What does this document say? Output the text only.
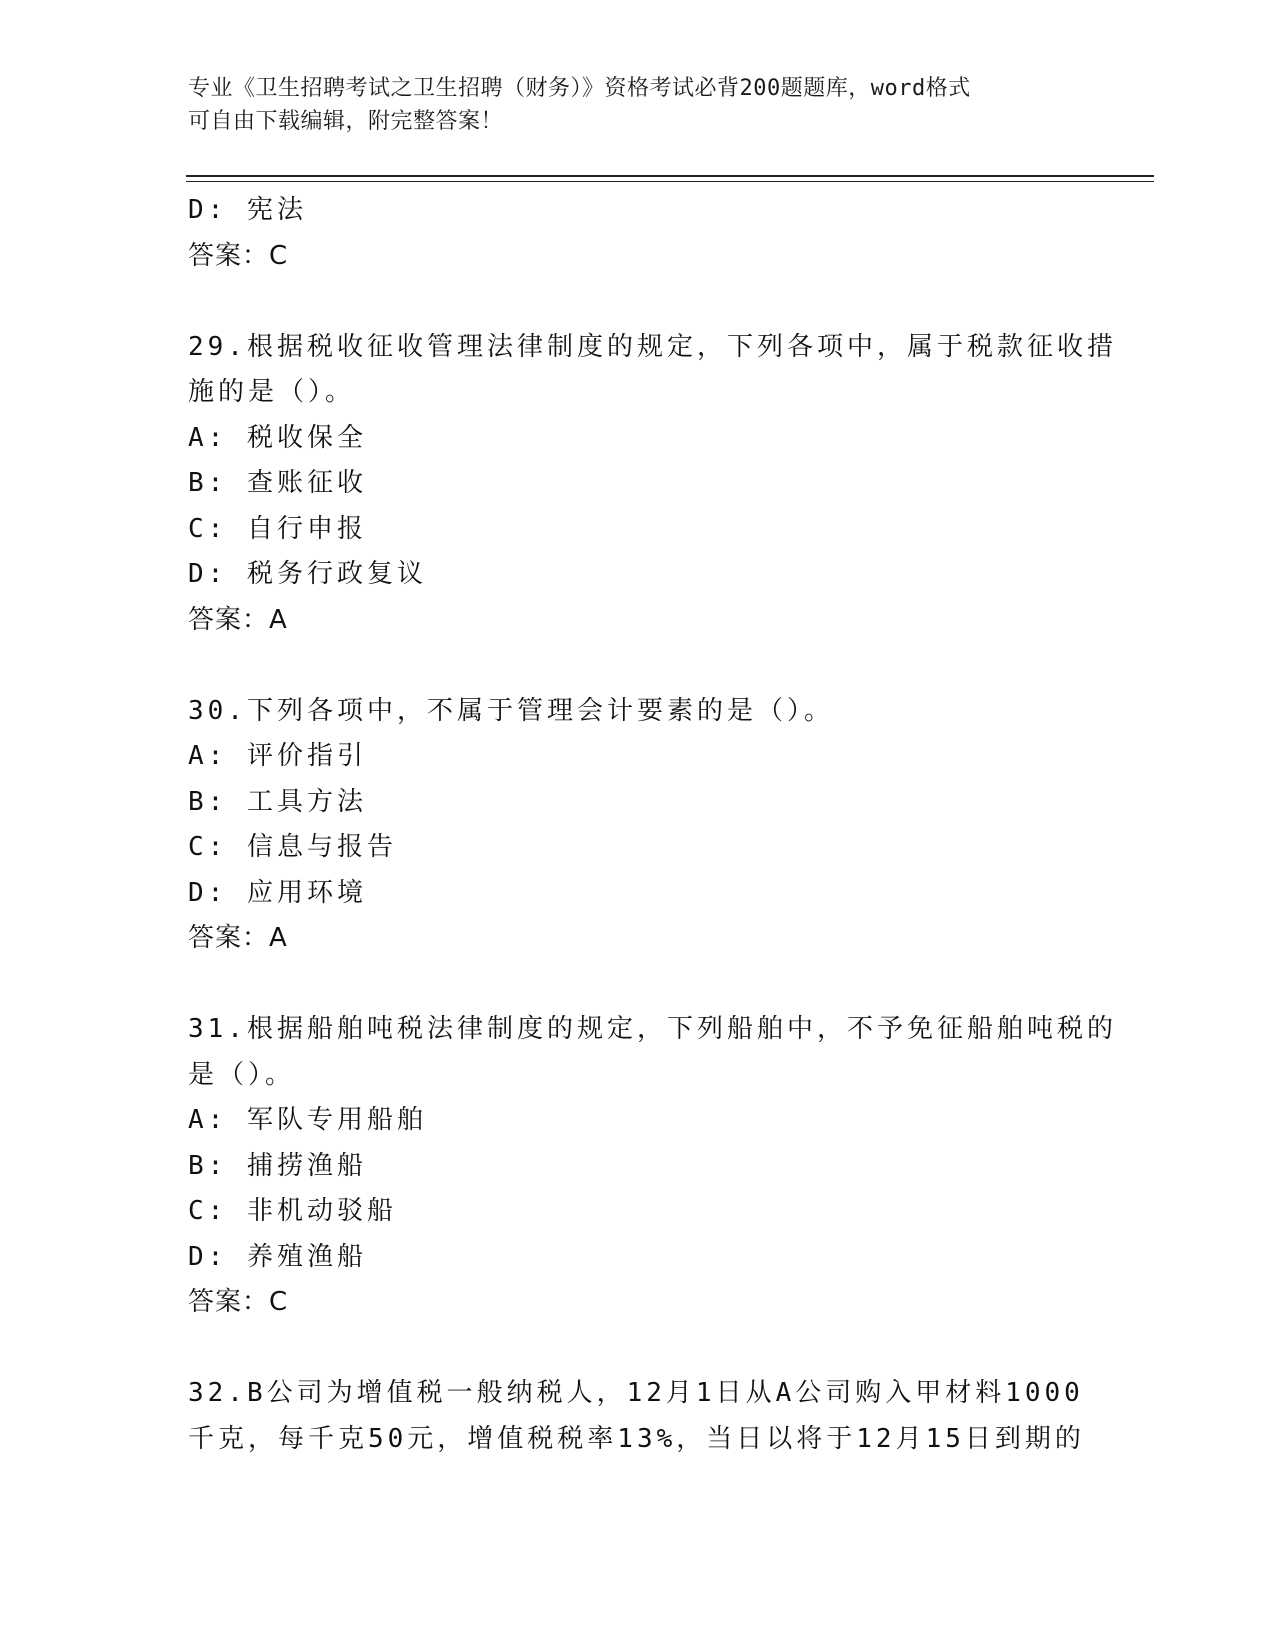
专业《卫生招聘考试之卫生招聘（财务）》资格考试必背200题题库，word格式
可自由下载编辑，附完整答案！
D: 宪法
答案：C
29.根据税收征收管理法律制度的规定，下列各项中，属于税款征收措
施的是（）。
A: 税收保全
B: 查账征收
C: 自行申报
D: 税务行政复议
答案：A
30.下列各项中，不属于管理会计要素的是（）。
A: 评价指引
B: 工具方法
C: 信息与报告
D: 应用环境
答案：A
31.根据船舶吨税法律制度的规定，下列船舶中，不予免征船舶吨税的
是（）。
A: 军队专用船舶
B: 捕捞渔船
C: 非机动驳船
D: 养殖渔船
答案：C
32.B公司为增值税一般纳税人，12月1日从A公司购入甲材料1000
千克，每千克50元，增值税税率13%，当日以将于12月15日到期的
